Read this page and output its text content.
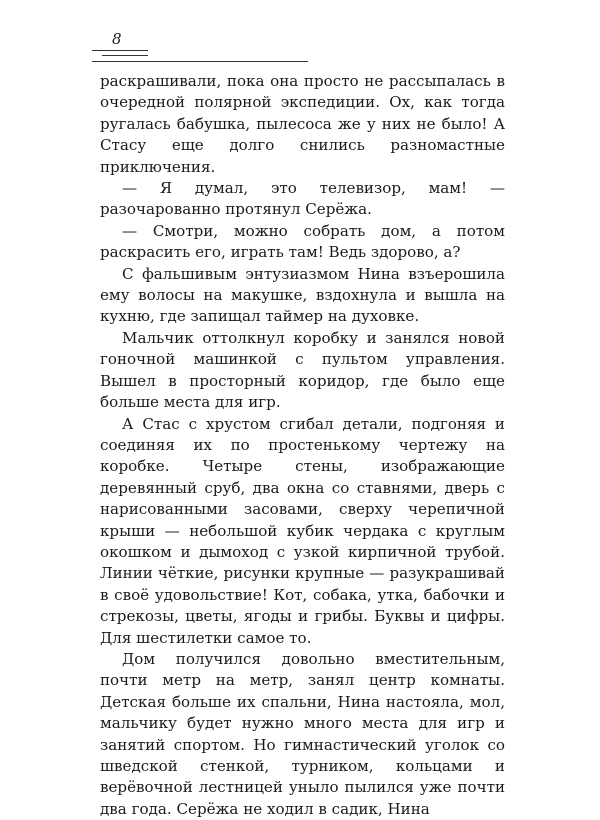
8

раскрашивали, пока она просто не рассыпалась в очередной полярной экспедиции. Ох, как тогда ругалась бабушка, пылесоса же у них не было! А Стасу еще долго снились разномастные приключения.

— Я думал, это телевизор, мам! — разочарованно протянул Серёжа.

— Смотри, можно собрать дом, а потом раскрасить его, играть там! Ведь здорово, а?

С фальшивым энтузиазмом Нина взъерошила ему волосы на макушке, вздохнула и вышла на кухню, где запищал таймер на духовке.

Мальчик оттолкнул коробку и занялся новой гоночной машинкой с пультом управления. Вышел в просторный коридор, где было еще больше места для игр.

А Стас с хрустом сгибал детали, подгоняя и соединяя их по простенькому чертежу на коробке. Четыре стены, изображающие деревянный сруб, два окна со ставнями, дверь с нарисованными засовами, сверху черепичной крыши — небольшой кубик чердака с круглым окошком и дымоход с узкой кирпичной трубой. Линии чёткие, рисунки крупные — разукрашивай в своё удовольствие! Кот, собака, утка, бабочки и стрекозы, цветы, ягоды и грибы. Буквы и цифры. Для шестилетки самое то.

Дом получился довольно вместительным, почти метр на метр, занял центр комнаты. Детская больше их спальни, Нина настояла, мол, мальчику будет нужно много места для игр и занятий спортом. Но гимнастический уголок со шведской стенкой, турником, кольцами и верёвочной лестницей уныло пылился уже почти два года. Серёжа не ходил в садик, Нина
